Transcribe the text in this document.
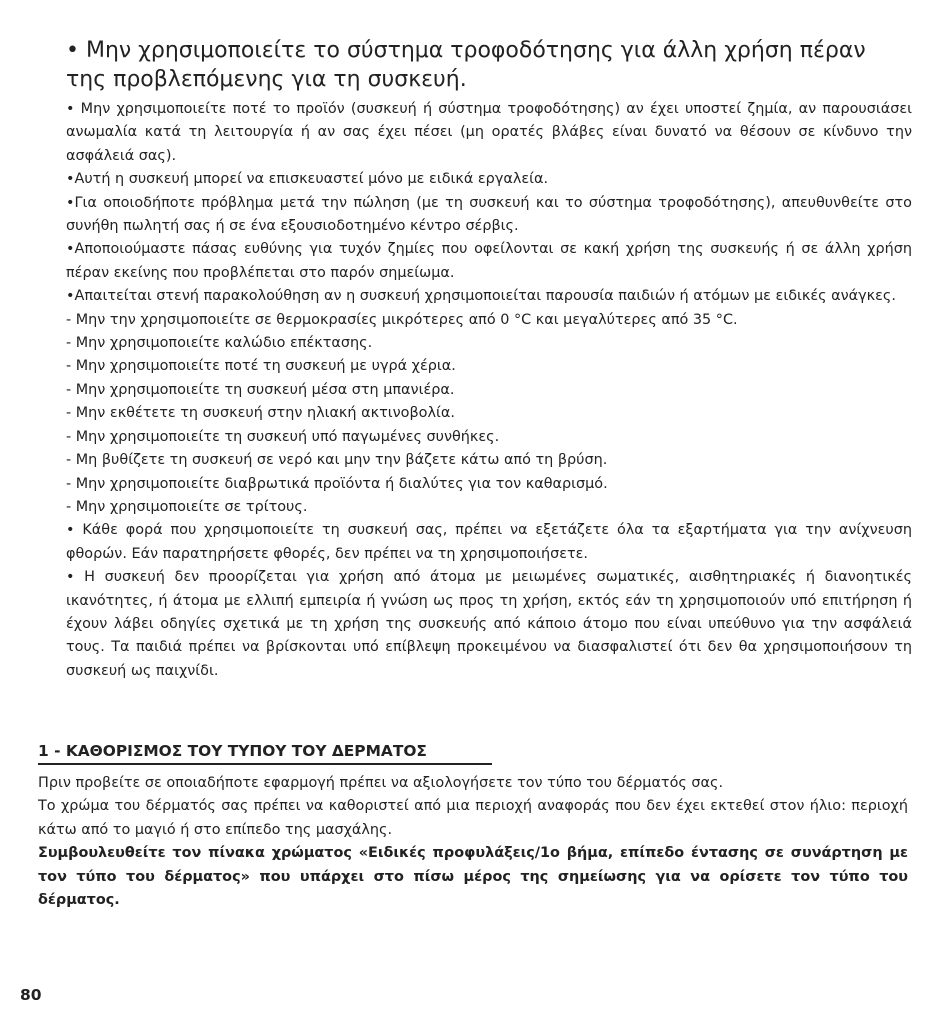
• Μην χρησιμοποιείτε το σύστημα τροφοδότησης για άλλη χρήση πέραν
της προβλεπόμενης για τη συσκευή.

• Μην χρησιμοποιείτε ποτέ το προϊόν (συσκευή ή σύστημα τροφοδότησης) αν έχει υποστεί ζημία, αν παρουσιάσει ανωμαλία κατά τη λειτουργία ή αν σας έχει πέσει (μη ορατές βλάβες είναι δυνατό να θέσουν σε κίνδυνο την ασφάλειά σας).

•Αυτή η συσκευή μπορεί να επισκευαστεί μόνο με ειδικά εργαλεία.

•Για οποιοδήποτε πρόβλημα μετά την πώληση (με τη συσκευή και το σύστημα τροφοδότησης), απευθυνθείτε στο συνήθη πωλητή σας ή σε ένα εξουσιοδοτημένο κέντρο σέρβις.

•Αποποιούμαστε πάσας ευθύνης για τυχόν ζημίες που οφείλονται σε κακή χρήση της συσκευής ή σε άλλη χρήση πέραν εκείνης που προβλέπεται στο παρόν σημείωμα.

•Απαιτείται στενή παρακολούθηση αν η συσκευή χρησιμοποιείται παρουσία παιδιών ή ατόμων με ειδικές ανάγκες.

- Μην την χρησιμοποιείτε σε θερμοκρασίες μικρότερες από 0 °C και μεγαλύτερες από 35 °C.

- Μην χρησιμοποιείτε καλώδιο επέκτασης.

- Μην χρησιμοποιείτε ποτέ τη συσκευή με υγρά χέρια.

- Μην χρησιμοποιείτε τη συσκευή μέσα στη μπανιέρα.

- Μην εκθέτετε τη συσκευή στην ηλιακή ακτινοβολία.

- Μην χρησιμοποιείτε τη συσκευή υπό παγωμένες συνθήκες.

- Μη βυθίζετε τη συσκευή σε νερό και μην την βάζετε κάτω από τη βρύση.

- Μην χρησιμοποιείτε διαβρωτικά προϊόντα ή διαλύτες για τον καθαρισμό.

- Μην χρησιμοποιείτε σε τρίτους.

• Κάθε φορά που χρησιμοποιείτε τη συσκευή σας, πρέπει να εξετάζετε όλα τα εξαρτήματα για την ανίχνευση φθορών. Εάν παρατηρήσετε φθορές, δεν πρέπει να τη χρησιμοποιήσετε.

• Η συσκευή δεν προορίζεται για χρήση από άτομα με μειωμένες σωματικές, αισθητηριακές ή διανοητικές ικανότητες, ή άτομα με ελλιπή εμπειρία ή γνώση ως προς τη χρήση, εκτός εάν τη χρησιμοποιούν υπό επιτήρηση ή έχουν λάβει οδηγίες σχετικά με τη χρήση της συσκευής από κάποιο άτομο που είναι υπεύθυνο για την ασφάλειά τους. Τα παιδιά πρέπει να βρίσκονται υπό επίβλεψη προκειμένου να διασφαλιστεί ότι δεν θα χρησιμοποιήσουν τη συσκευή ως παιχνίδι.

1 - ΚΑΘΟΡΙΣΜΟΣ ΤΟΥ ΤΥΠΟΥ ΤΟΥ ΔΕΡΜΑΤΟΣ

Πριν προβείτε σε οποιαδήποτε εφαρμογή πρέπει να αξιολογήσετε τον τύπο του δέρματός σας.

Το χρώμα του δέρματός σας πρέπει να καθοριστεί από μια περιοχή αναφοράς που δεν έχει εκτεθεί στον ήλιο: περιοχή κάτω από το μαγιό ή στο επίπεδο της μασχάλης.

Συμβουλευθείτε τον πίνακα χρώματος «Ειδικές προφυλάξεις/1ο βήμα, επίπεδο έντασης σε συνάρτηση με τον τύπο του δέρματος» που υπάρχει στο πίσω μέρος της σημείωσης για να ορίσετε τον τύπο του δέρματος.

80
